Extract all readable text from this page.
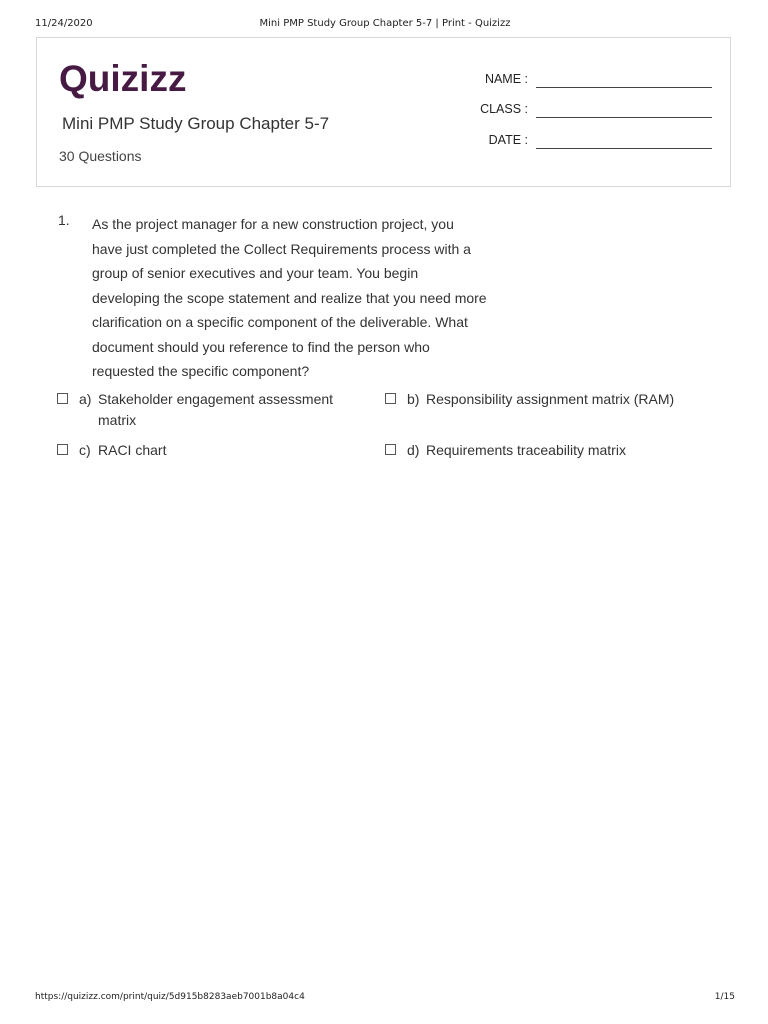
11/24/2020	Mini PMP Study Group Chapter 5-7 | Print - Quizizz
Quizizz
Mini PMP Study Group Chapter 5-7
30 Questions
NAME :
CLASS :
DATE :
1. As the project manager for a new construction project, you have just completed the Collect Requirements process with a group of senior executives and your team. You begin developing the scope statement and realize that you need more clarification on a specific component of the deliverable. What document should you reference to find the person who requested the specific component?
a) Stakeholder engagement assessment matrix
b) Responsibility assignment matrix (RAM)
c) RACI chart	d) Requirements traceability matrix
https://quizizz.com/print/quiz/5d915b8283aeb7001b8a04c4	1/15
